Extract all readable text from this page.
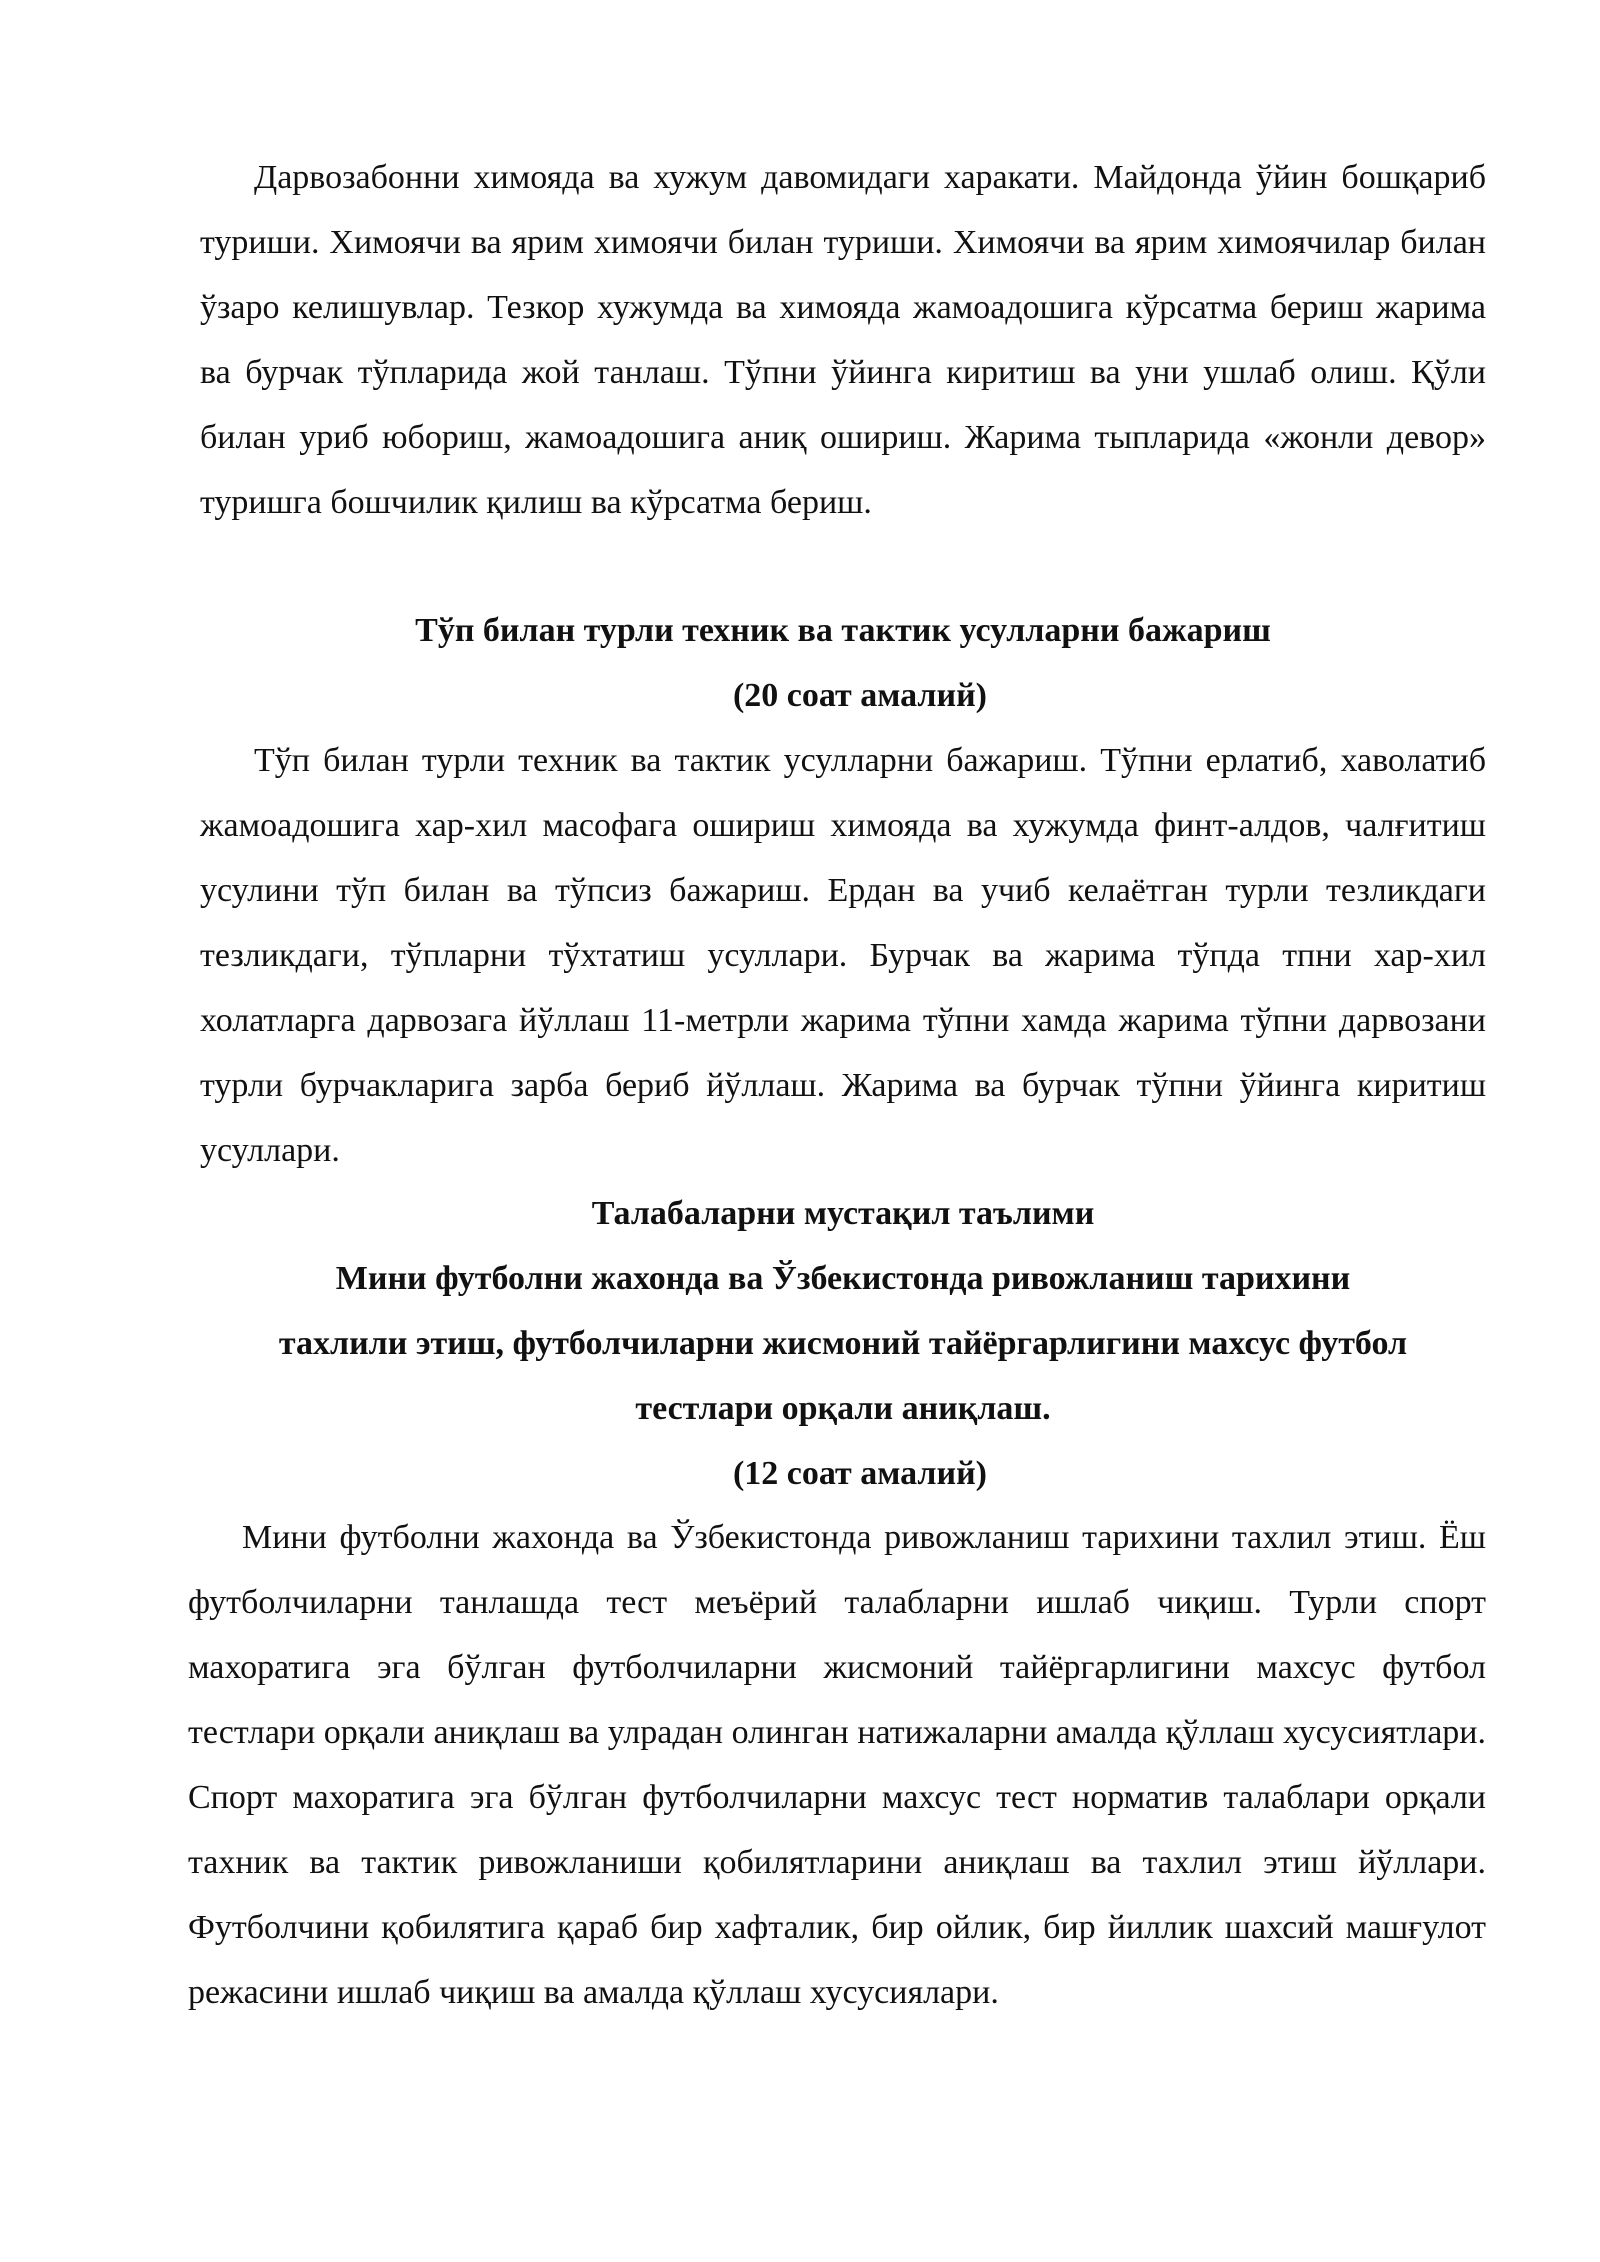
Дарвозабонни химояда ва хужум давомидаги харакати. Майдонда ўйин бошқариб туриши. Химоячи ва ярим химоячи билан туриши. Химоячи ва ярим химоячилар билан ўзаро келишувлар. Тезкор хужумда ва химояда жамоадошига кўрсатма бериш жарима ва бурчак тўпларида жой танлаш. Тўпни ўйинга киритиш ва уни ушлаб олиш. Қўли билан уриб юбориш, жамоадошига аниқ ошириш. Жарима тыпларида «жонли девор» туришга бошчилик қилиш ва кўрсатма бериш.

Тўп билан турли техник ва тактик усулларни бажариш
(20 соат амалий)

Тўп билан турли техник ва тактик усулларни бажариш. Тўпни ерлатиб, хаволатиб жамоадошига хар-хил масофага ошириш химояда ва хужумда финт-алдов, чалғитиш усулини тўп билан ва тўпсиз бажариш. Ердан ва учиб келаётган турли тезликдаги тезликдаги, тўпларни тўхтатиш усуллари. Бурчак ва жарима тўпда тпни хар-хил холатларга дарвозага йўллаш 11-метрли жарима тўпни хамда жарима тўпни дарвозани турли бурчакларига зарба бериб йўллаш. Жарима ва бурчак тўпни ўйинга киритиш усуллари.

Талабаларни мустақил таълими
Мини футболни жахонда ва Ўзбекистонда ривожланиш тарихини
тахлили этиш, футболчиларни жисмоний тайёргарлигини махсус футбол
тестлари орқали аниқлаш.
(12 соат амалий)

Мини футболни жахонда ва Ўзбекистонда ривожланиш тарихини тахлил этиш. Ёш футболчиларни танлашда тест меъёрий талабларни ишлаб чиқиш. Турли спорт махоратига эга бўлган футболчиларни жисмоний тайёргарлигини махсус футбол тестлари орқали аниқлаш ва улрадан олинган натижаларни амалда қўллаш хусусиятлари. Спорт махоратига эга бўлган футболчиларни махсус тест норматив талаблари орқали тахник ва тактик ривожланиши қобилятларини аниқлаш ва тахлил этиш йўллари. Футболчини қобилятига қараб бир хафталик, бир ойлик, бир йиллик шахсий машғулот режасини ишлаб чиқиш ва амалда қўллаш хусусиялари.
